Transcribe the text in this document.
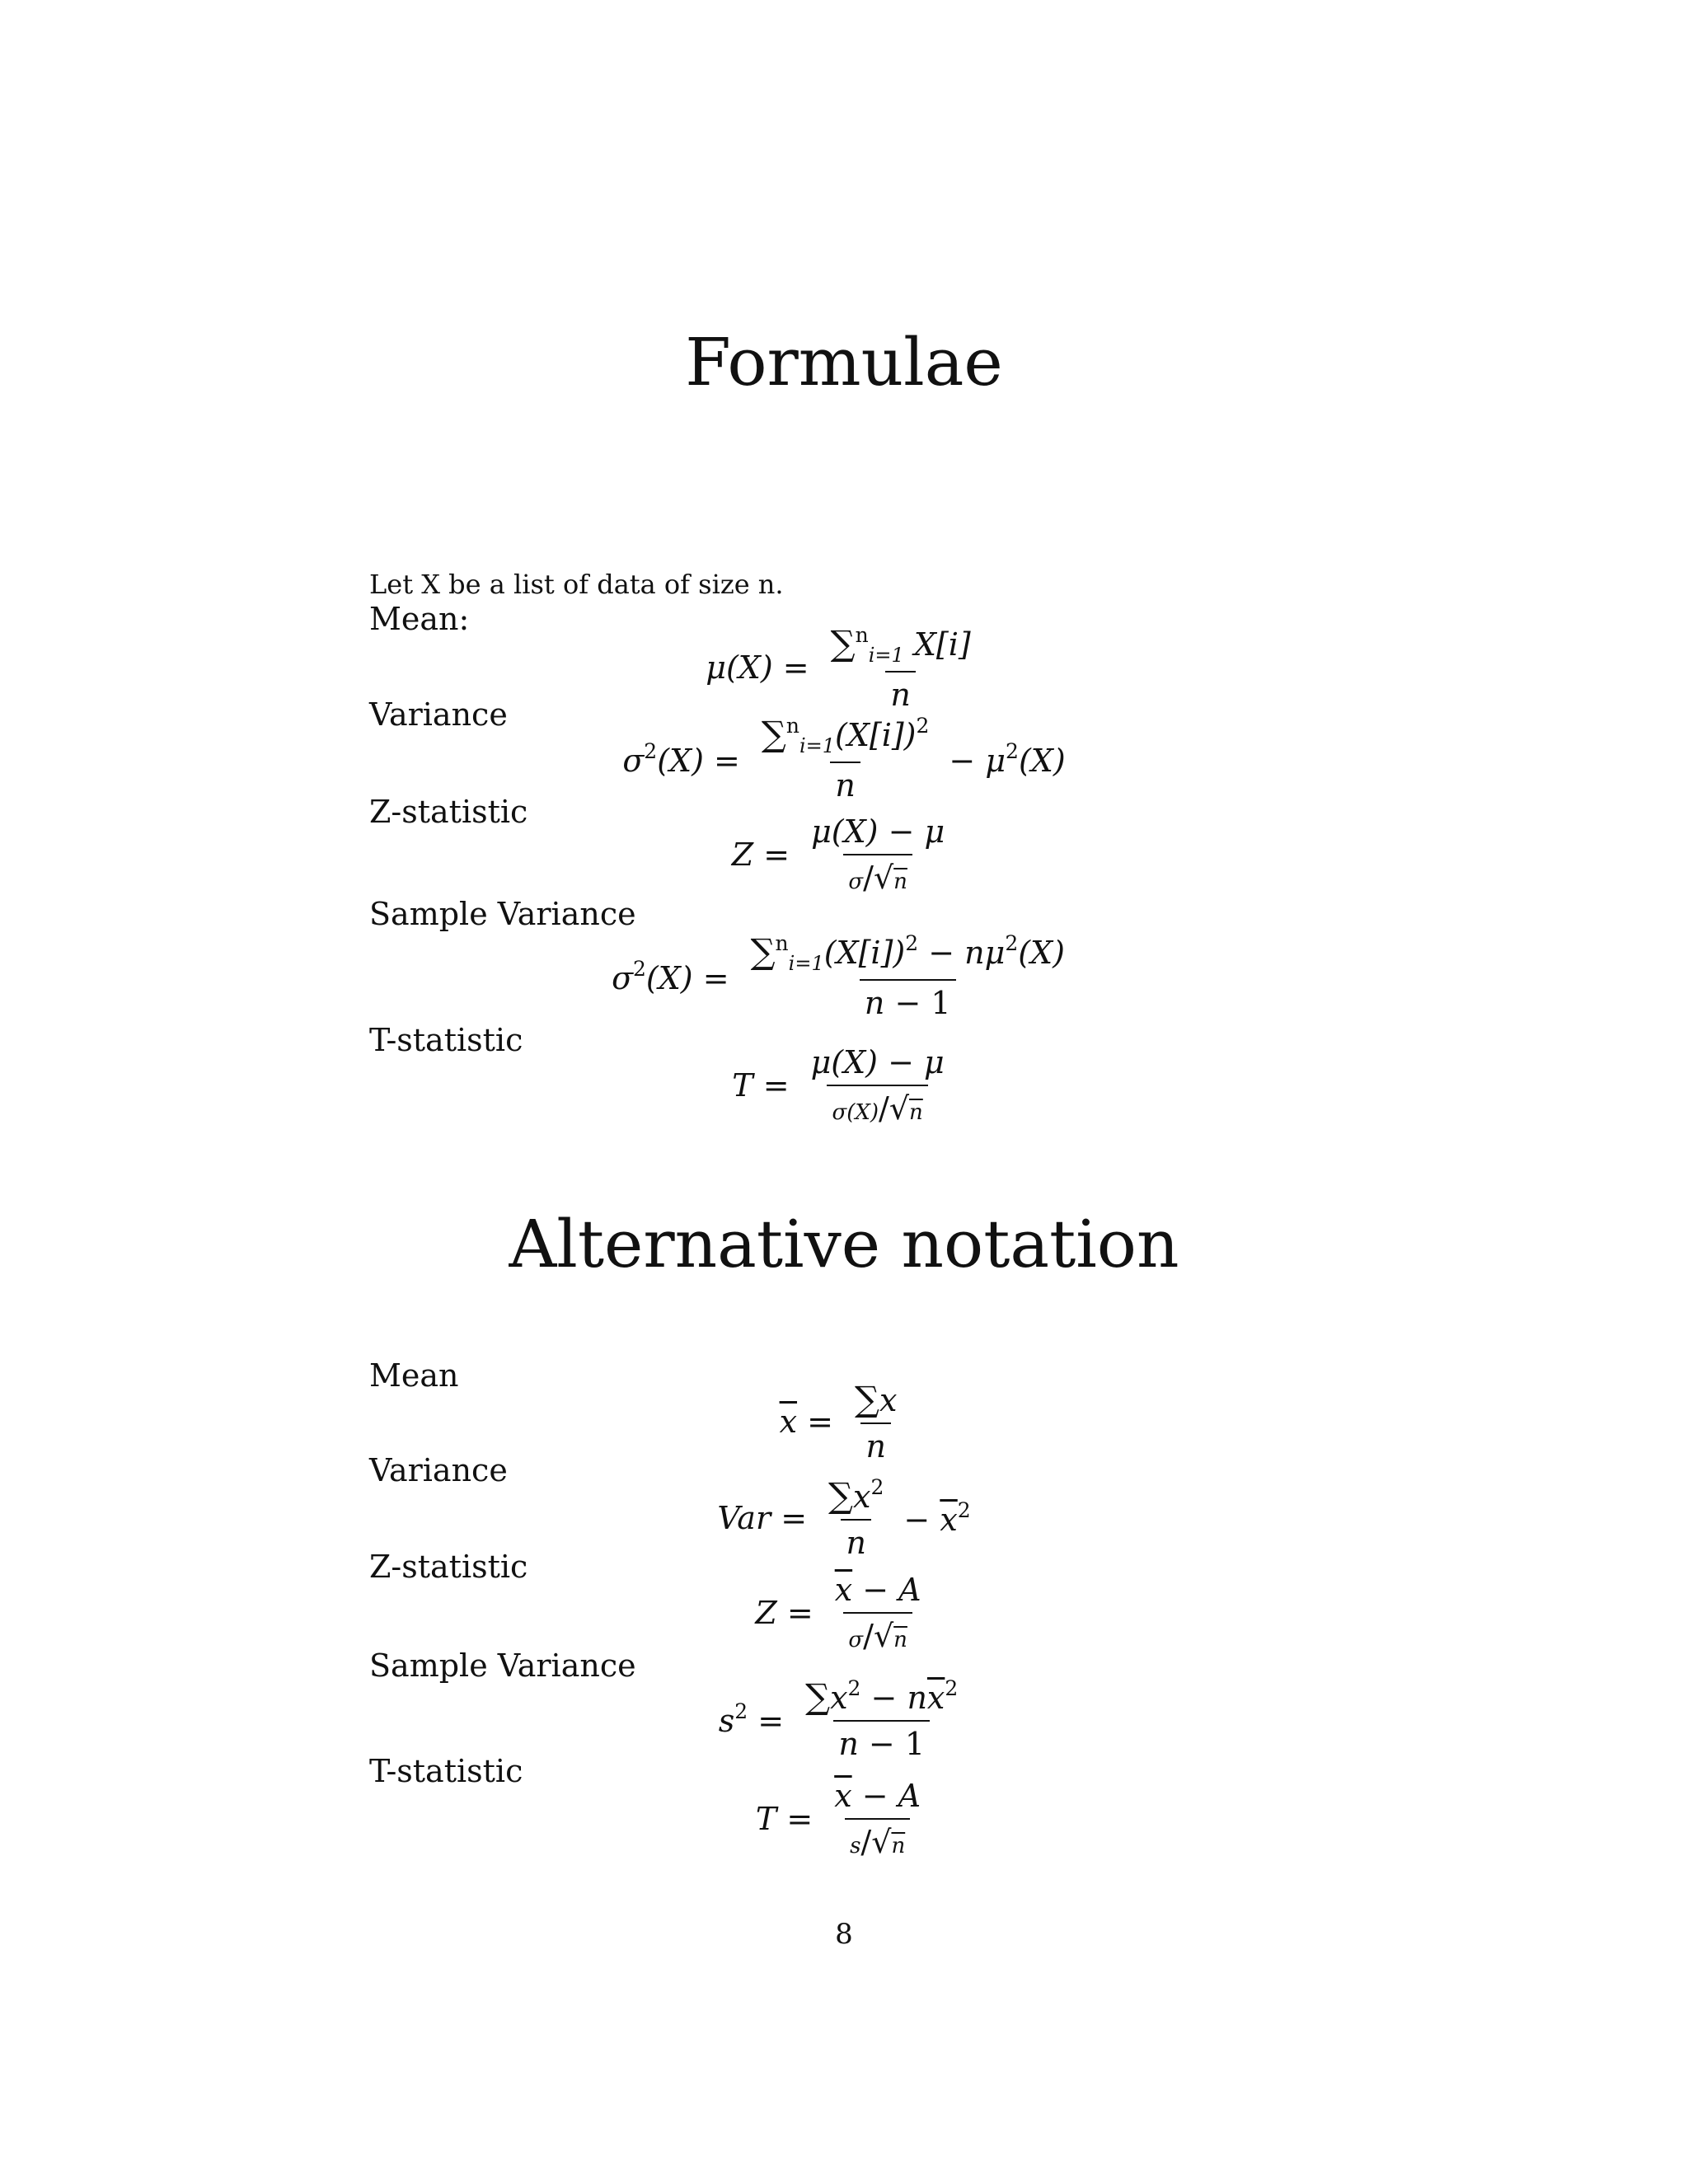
Formulae
Let X be a list of data of size n.
Mean:
Variance
Z-statistic
Sample Variance
T-statistic
$\mu(X) = \frac{\sum^n_{i=1} X[i]}{n}$
$\sigma^2(X) = \frac{\sum^n_{i=1}(X[i])^2}{n} - \mu^2(X)$
$Z = \frac{\mu(X) - \mu}{\sigma/√n}$
$\sigma^2(X) = \frac{\sum^n_{i=1}(X[i])^2 - n\mu^2(X)}{n - 1}$
$T = \frac{\mu(X) - \mu}{\sigma(X)/√n}$
Alternative notation
Mean
Variance
Z-statistic
Sample Variance
T-statistic
$\overline{x} = \frac{\sum x}{n}$
Var = $\frac{\sum x^2}{n} - \overline{x}^2$
$Z = \frac{\overline{x} - A}{\sigma/√n}$
$s^2 = \frac{\sum x^2 - n\overline{x}^2}{n - 1}$
$T = \frac{\overline{x} - A}{s/√n}$
8
